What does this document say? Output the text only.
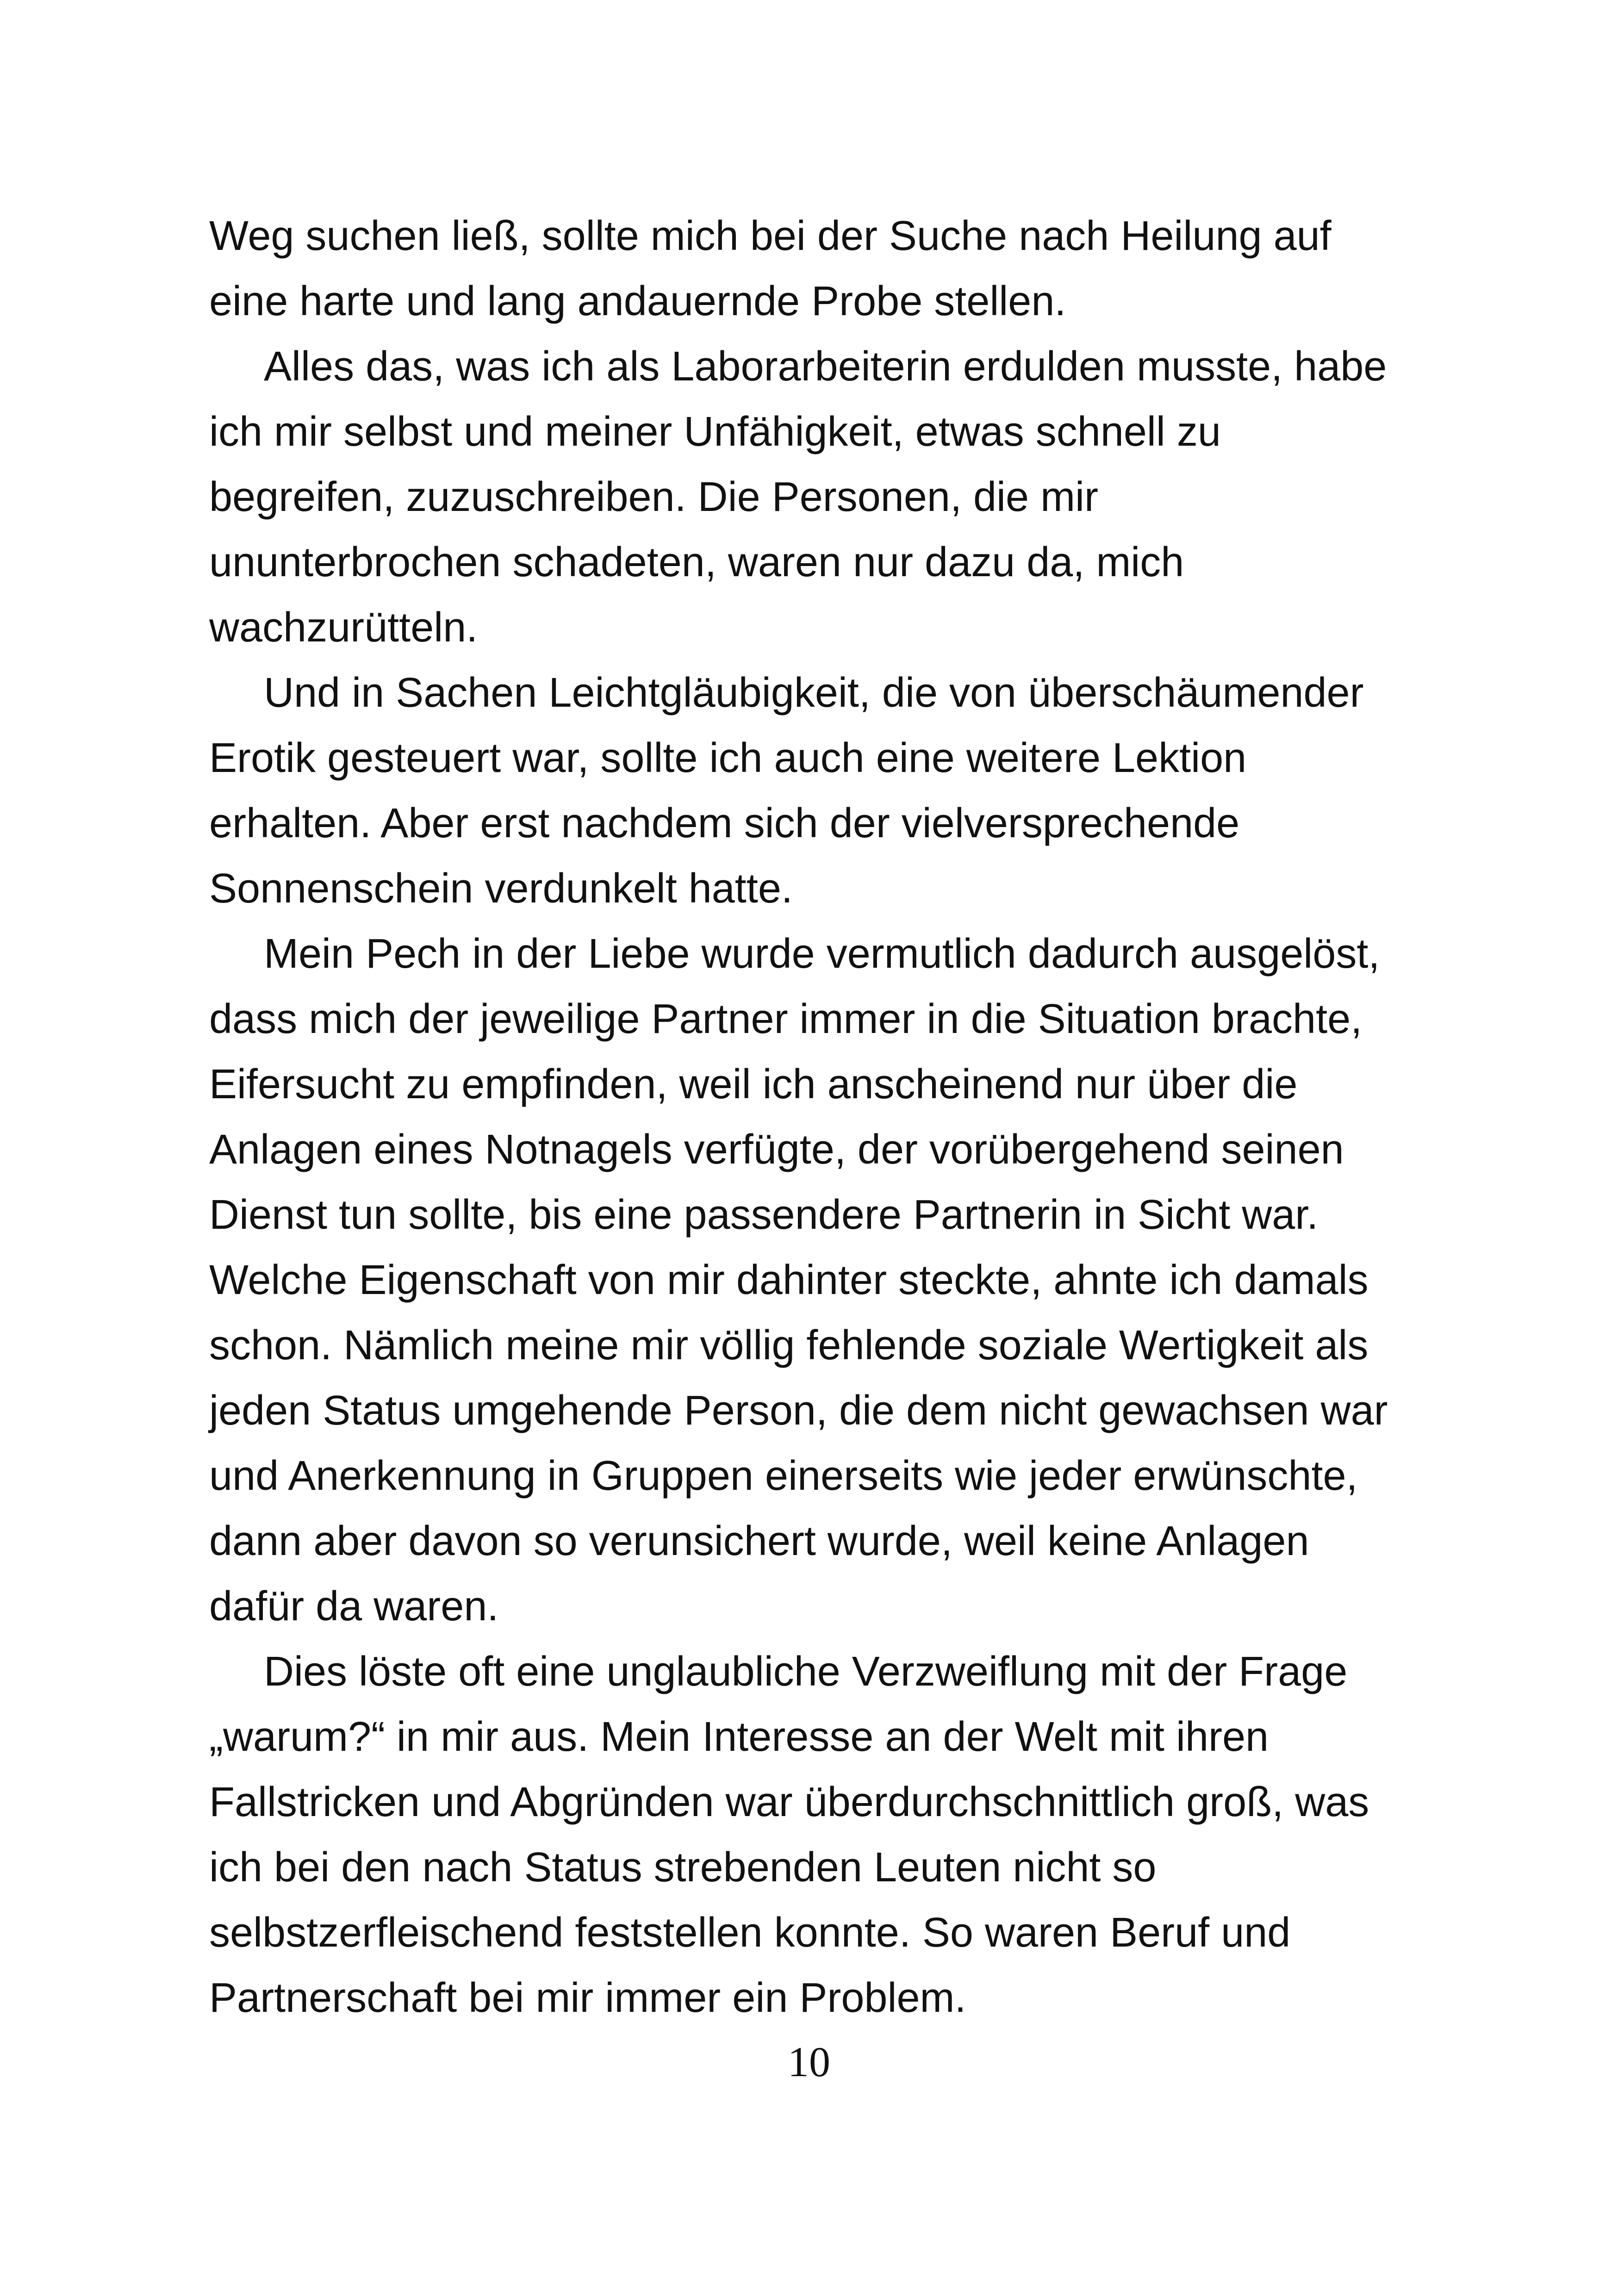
Weg suchen ließ, sollte mich bei der Suche nach Heilung auf
eine harte und lang andauernde Probe stellen.
Alles das, was ich als Laborarbeiterin erdulden musste, habe
ich mir selbst und meiner Unfähigkeit, etwas schnell zu
begreifen, zuzuschreiben. Die Personen, die mir
ununterbrochen schadeten, waren nur dazu da, mich
wachzurütteln.
Und in Sachen Leichtgläubigkeit, die von überschäumender
Erotik gesteuert war, sollte ich auch eine weitere Lektion
erhalten. Aber erst nachdem sich der vielversprechende
Sonnenschein verdunkelt hatte.
Mein Pech in der Liebe wurde vermutlich dadurch ausgelöst,
dass mich der jeweilige Partner immer in die Situation brachte,
Eifersucht zu empfinden, weil ich anscheinend nur über die
Anlagen eines Notnagels verfügte, der vorübergehend seinen
Dienst tun sollte, bis eine passendere Partnerin in Sicht war.
Welche Eigenschaft von mir dahinter steckte, ahnte ich damals
schon. Nämlich meine mir völlig fehlende soziale Wertigkeit als
jeden Status umgehende Person, die dem nicht gewachsen war
und Anerkennung in Gruppen einerseits wie jeder erwünschte,
dann aber davon so verunsichert wurde, weil keine Anlagen
dafür da waren.
Dies löste oft eine unglaubliche Verzweiflung mit der Frage
„warum?“ in mir aus. Mein Interesse an der Welt mit ihren
Fallstricken und Abgründen war überdurchschnittlich groß, was
ich bei den nach Status strebenden Leuten nicht so
selbstzerfleischend feststellen konnte. So waren Beruf und
Partnerschaft bei mir immer ein Problem.
10
